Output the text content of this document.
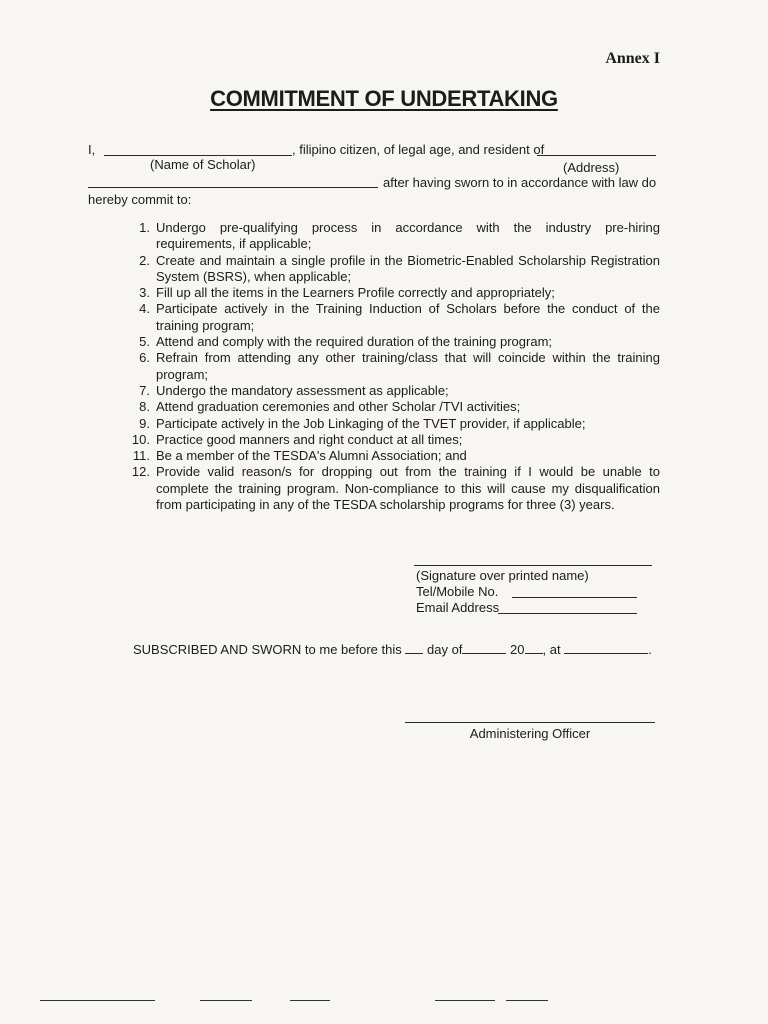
Annex I
COMMITMENT OF UNDERTAKING
I,	, filipino citizen, of legal age, and resident of
(Name of Scholar)	(Address)
after having sworn to in accordance with law do
hereby commit to:
1. Undergo pre-qualifying process in accordance with the industry pre-hiring requirements, if applicable;
2. Create and maintain a single profile in the Biometric-Enabled Scholarship Registration System (BSRS), when applicable;
3. Fill up all the items in the Learners Profile correctly and appropriately;
4. Participate actively in the Training Induction of Scholars before the conduct of the training program;
5. Attend and comply with the required duration of the training program;
6. Refrain from attending any other training/class that will coincide within the training program;
7. Undergo the mandatory assessment as applicable;
8. Attend graduation ceremonies and other Scholar /TVI activities;
9. Participate actively in the Job Linkaging of the TVET provider, if applicable;
10. Practice good manners and right conduct at all times;
11. Be a member of the TESDA's Alumni Association; and
12. Provide valid reason/s for dropping out from the training if I would be unable to complete the training program. Non-compliance to this will cause my disqualification from participating in any of the TESDA scholarship programs for three (3) years.
(Signature over printed name)
Tel/Mobile No.
Email Address
SUBSCRIBED AND SWORN to me before this day of	20 , at	.
Administering Officer
